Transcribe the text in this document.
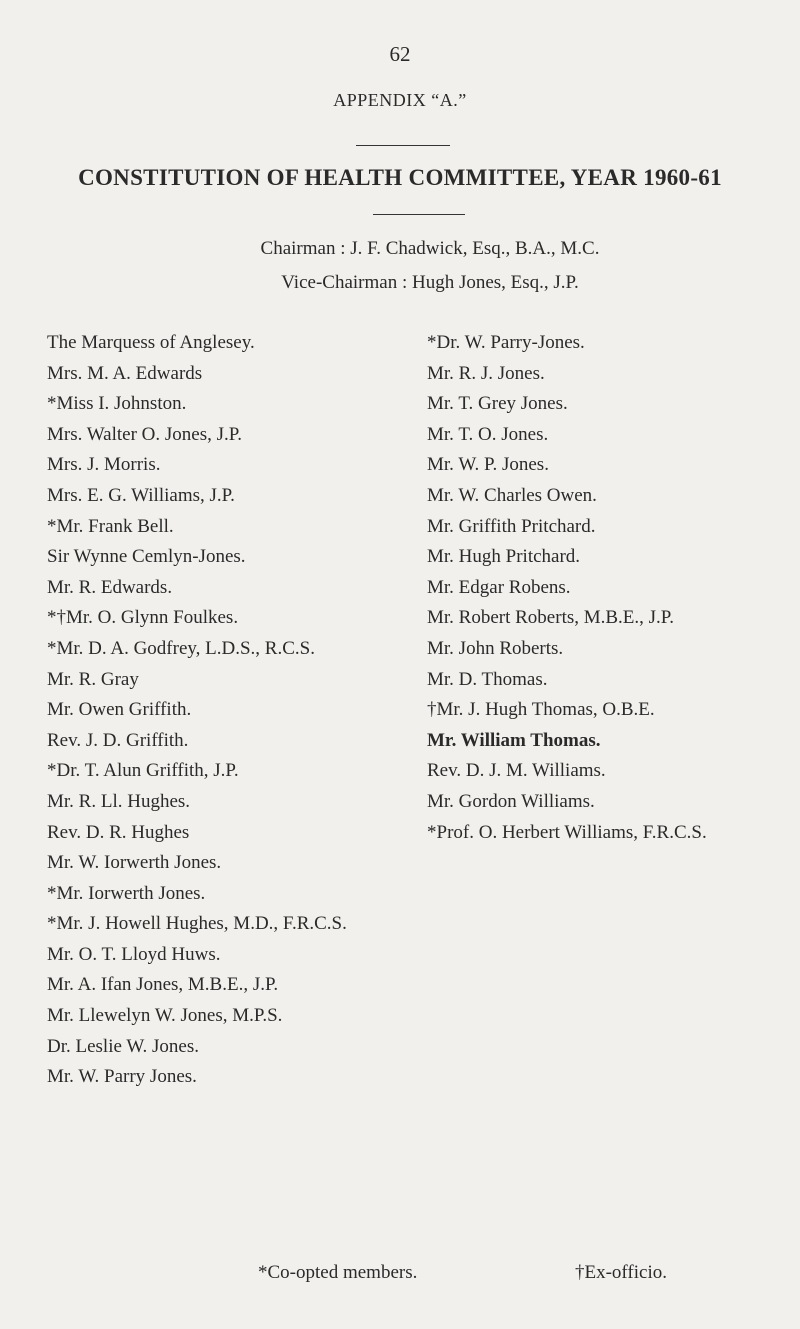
62
APPENDIX “A.”
CONSTITUTION OF HEALTH COMMITTEE, YEAR 1960-61
Chairman : J. F. Chadwick, Esq., B.A., M.C.
Vice-Chairman : Hugh Jones, Esq., J.P.
The Marquess of Anglesey.
Mrs. M. A. Edwards
*Miss I. Johnston.
Mrs. Walter O. Jones, J.P.
Mrs. J. Morris.
Mrs. E. G. Williams, J.P.
*Mr. Frank Bell.
Sir Wynne Cemlyn-Jones.
Mr. R. Edwards.
*†Mr. O. Glynn Foulkes.
*Mr. D. A. Godfrey, L.D.S., R.C.S.
Mr. R. Gray
Mr. Owen Griffith.
Rev. J. D. Griffith.
*Dr. T. Alun Griffith, J.P.
Mr. R. Ll. Hughes.
Rev. D. R. Hughes
Mr. W. Iorwerth Jones.
*Mr. Iorwerth Jones.
*Mr. J. Howell Hughes, M.D., F.R.C.S.
Mr. O. T. Lloyd Huws.
Mr. A. Ifan Jones, M.B.E., J.P.
Mr. Llewelyn W. Jones, M.P.S.
Dr. Leslie W. Jones.
Mr. W. Parry Jones.
*Dr. W. Parry-Jones.
Mr. R. J. Jones.
Mr. T. Grey Jones.
Mr. T. O. Jones.
Mr. W. P. Jones.
Mr. W. Charles Owen.
Mr. Griffith Pritchard.
Mr. Hugh Pritchard.
Mr. Edgar Robens.
Mr. Robert Roberts, M.B.E., J.P.
Mr. John Roberts.
Mr. D. Thomas.
†Mr. J. Hugh Thomas, O.B.E.
Mr. William Thomas.
Rev. D. J. M. Williams.
Mr. Gordon Williams.
*Prof. O. Herbert Williams, F.R.C.S.
*Co-opted members.	†Ex-officio.
